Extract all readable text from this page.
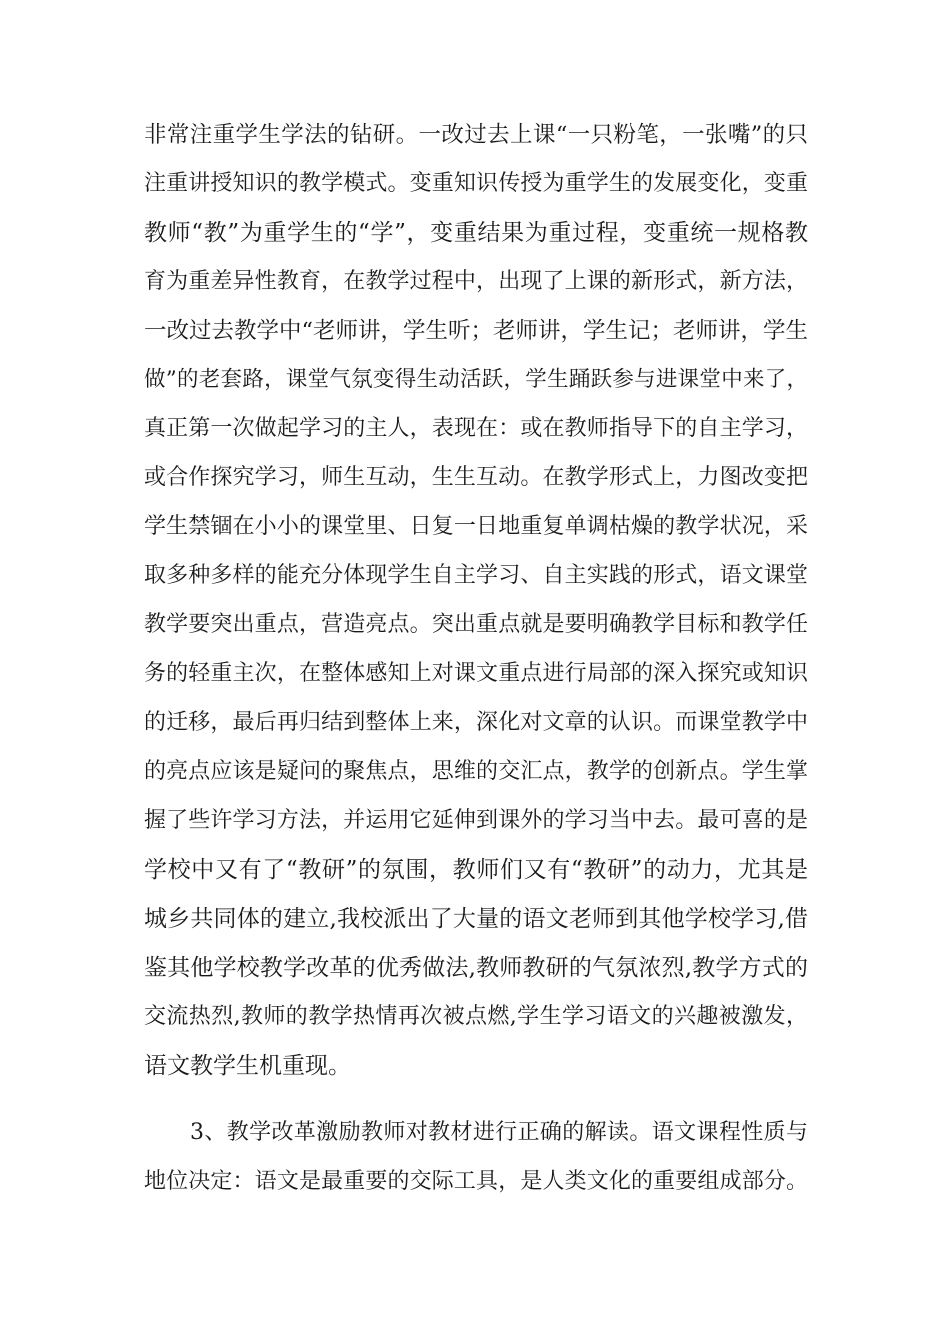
非常注重学生学法的钻研。一改过去上课“一只粉笔，一张嘴”的只
注重讲授知识的教学模式。变重知识传授为重学生的发展变化，变重
教师“教”为重学生的“学”，变重结果为重过程，变重统一规格教
育为重差异性教育，在教学过程中，出现了上课的新形式，新方法，
一改过去教学中“老师讲，学生听；老师讲，学生记；老师讲，学生
做”的老套路，课堂气氛变得生动活跃，学生踊跃参与进课堂中来了，
真正第一次做起学习的主人，表现在：或在教师指导下的自主学习，
或合作探究学习，师生互动，生生互动。在教学形式上，力图改变把
学生禁锢在小小的课堂里、日复一日地重复单调枯燥的教学状况，采
取多种多样的能充分体现学生自主学习、自主实践的形式，语文课堂
教学要突出重点，营造亮点。突出重点就是要明确教学目标和教学任
务的轻重主次，在整体感知上对课文重点进行局部的深入探究或知识
的迁移，最后再归结到整体上来，深化对文章的认识。而课堂教学中
的亮点应该是疑问的聚焦点，思维的交汇点，教学的创新点。学生掌
握了些许学习方法，并运用它延伸到课外的学习当中去。最可喜的是
学校中又有了“教研”的氛围，教师们又有“教研”的动力，尤其是
城乡共同体的建立,我校派出了大量的语文老师到其他学校学习,借
鉴其他学校教学改革的优秀做法,教师教研的气氛浓烈,教学方式的
交流热烈,教师的教学热情再次被点燃,学生学习语文的兴趣被激发，
语文教学生机重现。
3、教学改革激励教师对教材进行正确的解读。语文课程性质与
地位决定：语文是最重要的交际工具，是人类文化的重要组成部分。
